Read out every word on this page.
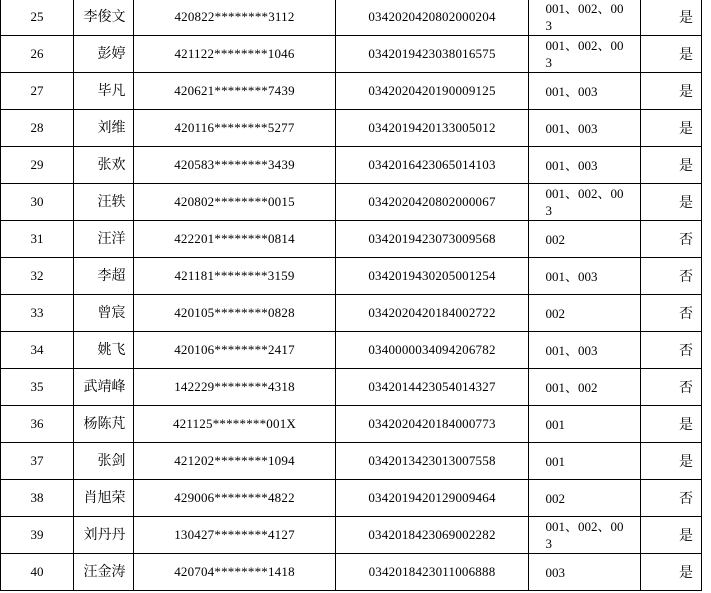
25	李俊文	420822********3112	0342020420802000204	001、002、003	是
26	彭婷	421122********1046	0342019423038016575	001、002、003	是
27	毕凡	420621********7439	0342020420190009125	001、003	是
28	刘维	420116********5277	0342019420133005012	001、003	是
29	张欢	420583********3439	0342016423065014103	001、003	是
30	汪轶	420802********0015	0342020420802000067	001、002、003	是
31	汪洋	422201********0814	0342019423073009568	002	否
32	李超	421181********3159	0342019430205001254	001、003	否
33	曾宸	420105********0828	0342020420184002722	002	否
34	姚飞	420106********2417	0340000034094206782	001、003	否
35	武靖峰	142229********4318	0342014423054014327	001、002	否
36	杨陈芃	421125********001X	0342020420184000773	001	是
37	张剑	421202********1094	0342013423013007558	001	是
38	肖旭荣	429006********4822	0342019420129009464	002	否
39	刘丹丹	130427********4127	0342018423069002282	001、002、003	是
40	汪金涛	420704********1418	0342018423011006888	003	是
